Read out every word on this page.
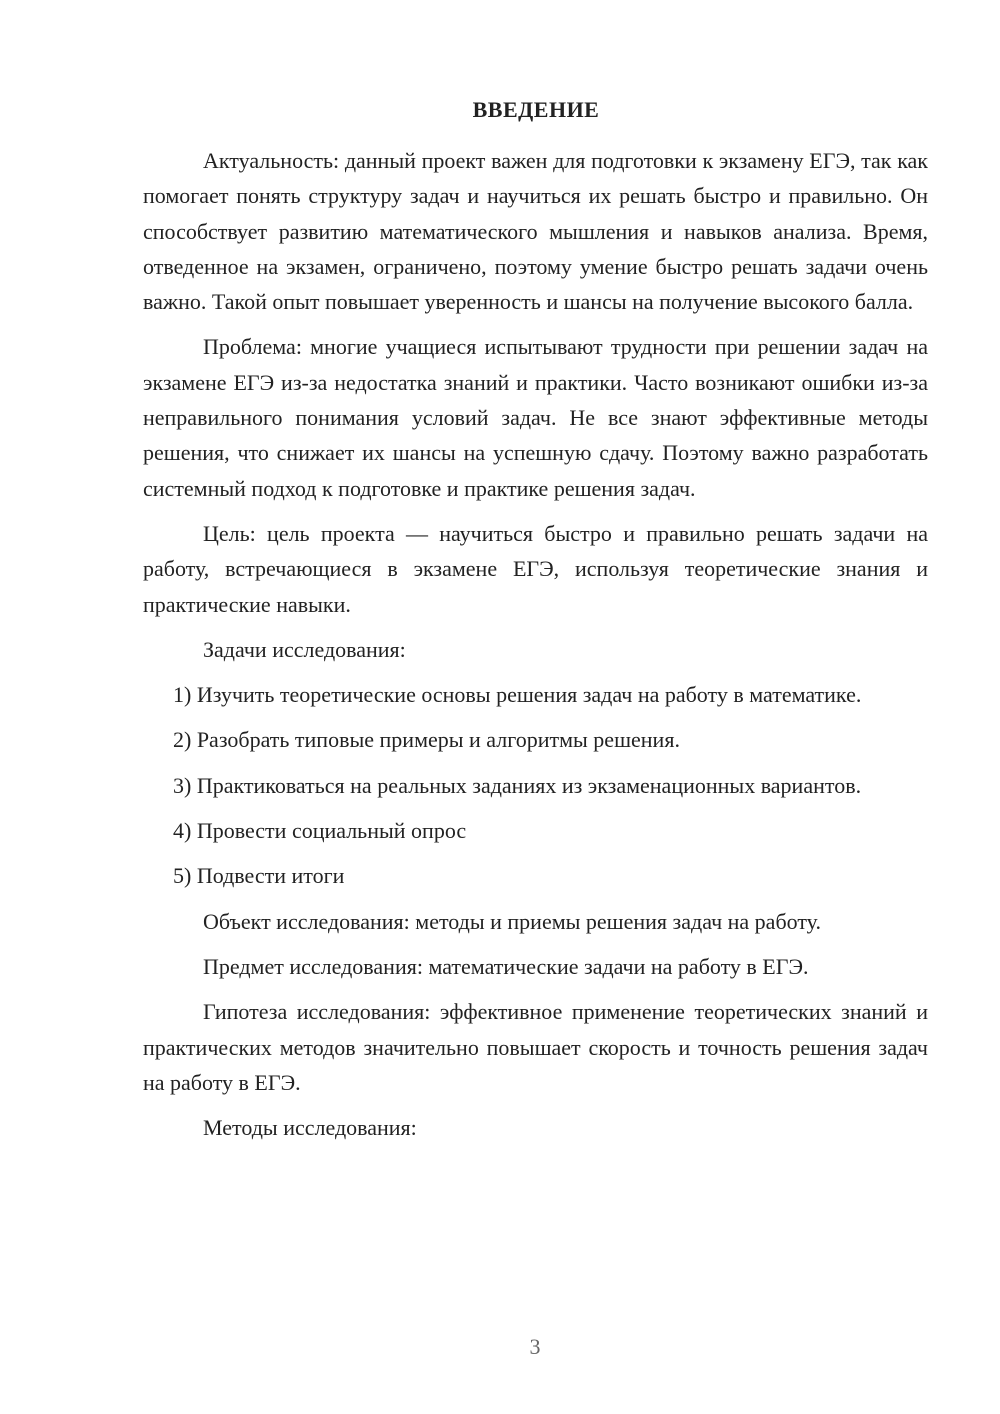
ВВЕДЕНИЕ

Актуальность: данный проект важен для подготовки к экзамену ЕГЭ, так как помогает понять структуру задач и научиться их решать быстро и правильно. Он способствует развитию математического мышления и навыков анализа. Время, отведенное на экзамен, ограничено, поэтому умение быстро решать задачи очень важно. Такой опыт повышает уверенность и шансы на получение высокого балла.

Проблема: многие учащиеся испытывают трудности при решении задач на экзамене ЕГЭ из-за недостатка знаний и практики. Часто возникают ошибки из-за неправильного понимания условий задач. Не все знают эффективные методы решения, что снижает их шансы на успешную сдачу. Поэтому важно разработать системный подход к подготовке и практике решения задач.

Цель: цель проекта — научиться быстро и правильно решать задачи на работу, встречающиеся в экзамене ЕГЭ, используя теоретические знания и практические навыки.

Задачи исследования:

1) Изучить теоретические основы решения задач на работу в математике.

2) Разобрать типовые примеры и алгоритмы решения.

3) Практиковаться на реальных заданиях из экзаменационных вариантов.

4) Провести социальный опрос

5) Подвести итоги

Объект исследования: методы и приемы решения задач на работу.

Предмет исследования: математические задачи на работу в ЕГЭ.

Гипотеза исследования: эффективное применение теоретических знаний и практических методов значительно повышает скорость и точность решения задач на работу в ЕГЭ.

Методы исследования:

3
